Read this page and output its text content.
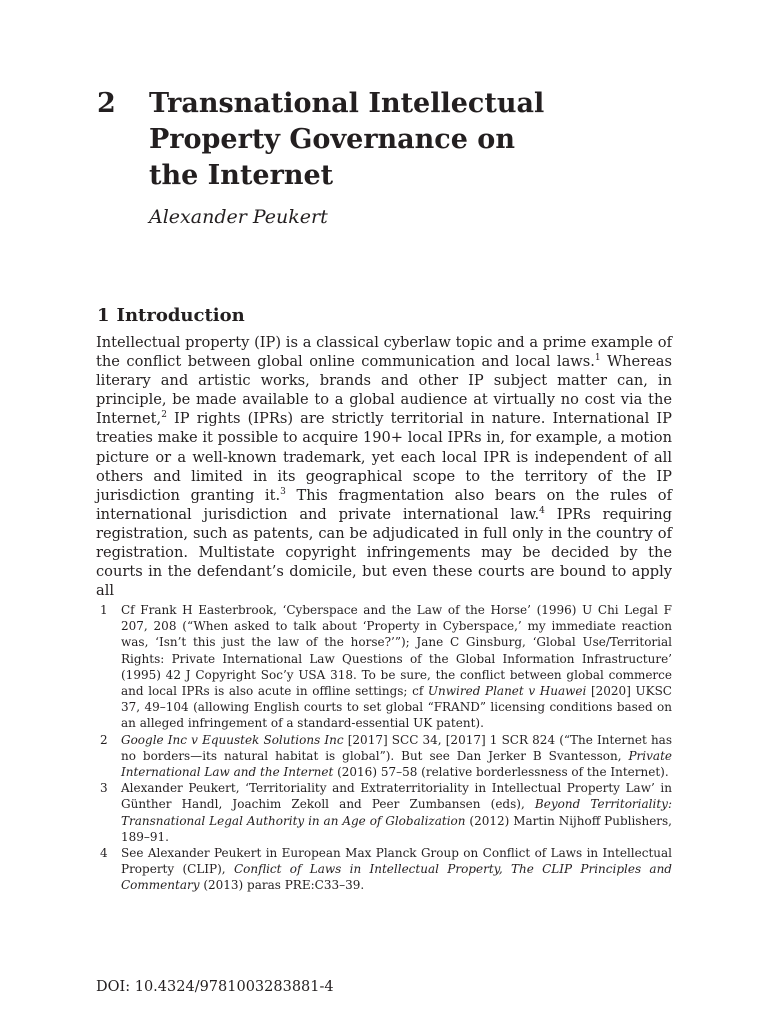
2 Transnational Intellectual Property Governance on the Internet
Alexander Peukert
1 Introduction

Intellectual property (IP) is a classical cyberlaw topic and a prime example of the conflict between global online communication and local laws.$^1$ Whereas literary and artistic works, brands and other IP subject matter can, in principle, be made available to a global audience at virtually no cost via the Internet,$^2$ IP rights (IPRs) are strictly territorial in nature. International IP treaties make it possible to acquire 190+ local IPRs in, for example, a motion picture or a well-known trademark, yet each local IPR is independent of all others and limited in its geographical scope to the territory of the IP jurisdiction granting it.$^3$ This fragmentation also bears on the rules of international jurisdiction and private international law.$^4$ IPRs requiring registration, such as patents, can be adjudicated in full only in the country of registration. Multistate copyright infringements may be decided by the courts in the defendant’s domicile, but even these courts are bound to apply all

1	Cf Frank H Easterbrook, ‘Cyberspace and the Law of the Horse’ (1996) U Chi Legal F 207, 208 (“When asked to talk about ‘Property in Cyberspace,’ my immediate reaction was, ‘Isn’t this just the law of the horse?’”); Jane C Ginsburg, ‘Global Use/Territorial Rights: Private International Law Questions of the Global Information Infrastructure’ (1995) 42 J Copyright Soc’y USA 318. To be sure, the conflict between global commerce and local IPRs is also acute in offline settings; cf Unwired Planet v Huawei [2020] UKSC 37, 49–104 (allowing English courts to set global “FRAND” licensing conditions based on an alleged infringement of a standard-essential UK patent).
2	Google Inc v Equustek Solutions Inc [2017] SCC 34, [2017] 1 SCR 824 (“The Internet has no borders—its natural habitat is global”). But see Dan Jerker B Svantesson, Private International Law and the Internet (2016) 57–58 (relative borderlessness of the Internet).
3	Alexander Peukert, ‘Territoriality and Extraterritoriality in Intellectual Property Law’ in Günther Handl, Joachim Zekoll and Peer Zumbansen (eds), Beyond Territoriality: Transnational Legal Authority in an Age of Globalization (2012) Martin Nijhoff Publishers, 189–91.
4	See Alexander Peukert in European Max Planck Group on Conflict of Laws in Intellectual Property (CLIP), Conflict of Laws in Intellectual Property, The CLIP Principles and Commentary (2013) paras PRE:C33–39.
DOI: 10.4324/9781003283881-4
